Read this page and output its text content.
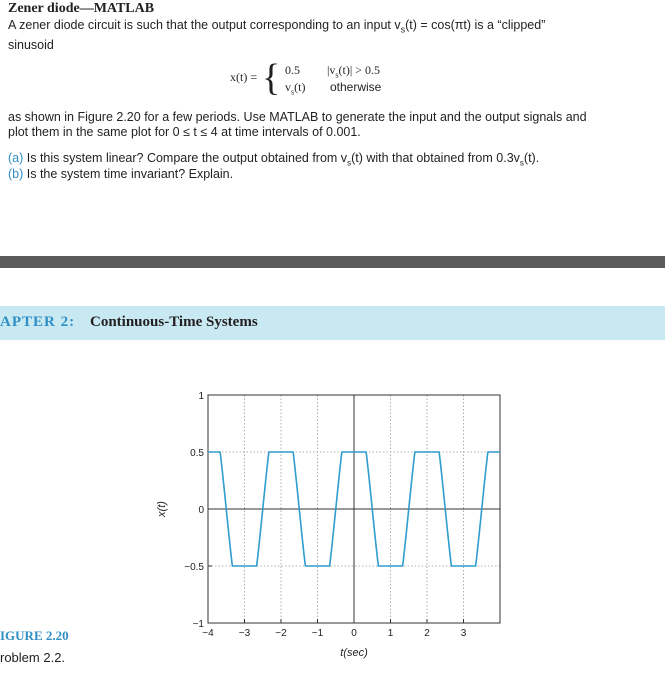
Zener diode—MATLAB
A zener diode circuit is such that the output corresponding to an input $v_s(t) = \cos(\pi t)$ is a “clipped”
sinusoid
x(t) = { 0.5 $|v_s(t)| > 0.5$
$v_s(t)$ otherwise
as shown in Figure 2.20 for a few periods. Use MATLAB to generate the input and the output signals and
plot them in the same plot for 0 ≤ t ≤ 4 at time intervals of 0.001.
(a) Is this system linear? Compare the output obtained from $v_s(t)$ with that obtained from $0.3v_s(t)$.
(b) Is the system time invariant? Explain.
APTER 2: Continuous-Time Systems
IGURE 2.20
roblem 2.2.
−4	−3	−2	−1	0	1	2	3
−1
−0.5
0
0.5
1
t(sec)
x(t)
